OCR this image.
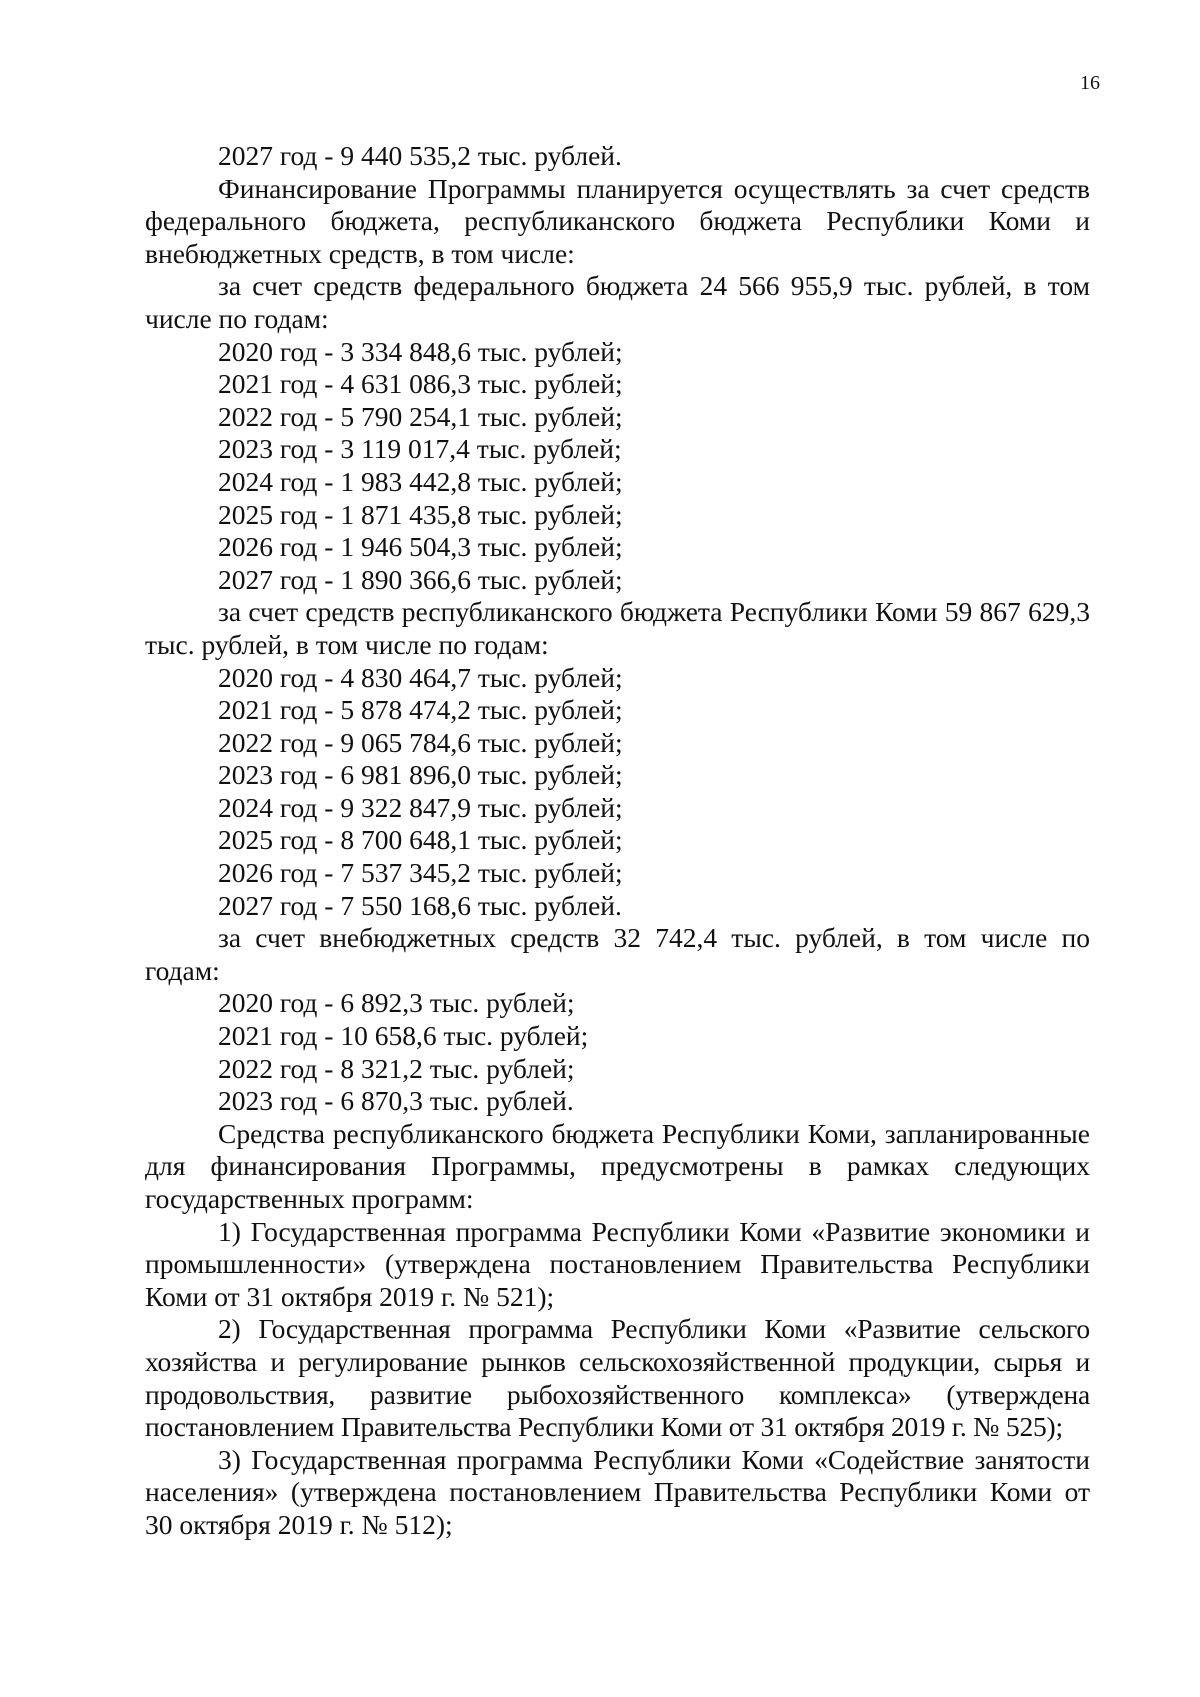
16

2027 год - 9 440 535,2 тыс. рублей.

Финансирование Программы планируется осуществлять за счет средств федерального бюджета, республиканского бюджета Республики Коми и внебюджетных средств, в том числе:

за счет средств федерального бюджета 24 566 955,9 тыс. рублей, в том числе по годам:

2020 год - 3 334 848,6 тыс. рублей;

2021 год - 4 631 086,3 тыс. рублей;

2022 год - 5 790 254,1 тыс. рублей;

2023 год - 3 119 017,4 тыс. рублей;

2024 год - 1 983 442,8 тыс. рублей;

2025 год - 1 871 435,8 тыс. рублей;

2026 год - 1 946 504,3 тыс. рублей;

2027 год - 1 890 366,6 тыс. рублей;

за счет средств республиканского бюджета Республики Коми 59 867 629,3 тыс. рублей, в том числе по годам:

2020 год - 4 830 464,7 тыс. рублей;

2021 год - 5 878 474,2 тыс. рублей;

2022 год - 9 065 784,6 тыс. рублей;

2023 год - 6 981 896,0 тыс. рублей;

2024 год - 9 322 847,9 тыс. рублей;

2025 год - 8 700 648,1 тыс. рублей;

2026 год - 7 537 345,2 тыс. рублей;

2027 год - 7 550 168,6 тыс. рублей.

за счет внебюджетных средств 32 742,4 тыс. рублей, в том числе по годам:

2020 год - 6 892,3 тыс. рублей;

2021 год - 10 658,6 тыс. рублей;

2022 год - 8 321,2 тыс. рублей;

2023 год - 6 870,3 тыс. рублей.

Средства республиканского бюджета Республики Коми, запланированные для финансирования Программы, предусмотрены в рамках следующих государственных программ:

1) Государственная программа Республики Коми «Развитие экономики и промышленности» (утверждена постановлением Правительства Республики Коми от 31 октября 2019 г. № 521);

2) Государственная программа Республики Коми «Развитие сельского хозяйства и регулирование рынков сельскохозяйственной продукции, сырья и продовольствия, развитие рыбохозяйственного комплекса» (утверждена постановлением Правительства Республики Коми от 31 октября 2019 г. № 525);

3) Государственная программа Республики Коми «Содействие занятости населения» (утверждена постановлением Правительства Республики Коми от 30 октября 2019 г. № 512);
